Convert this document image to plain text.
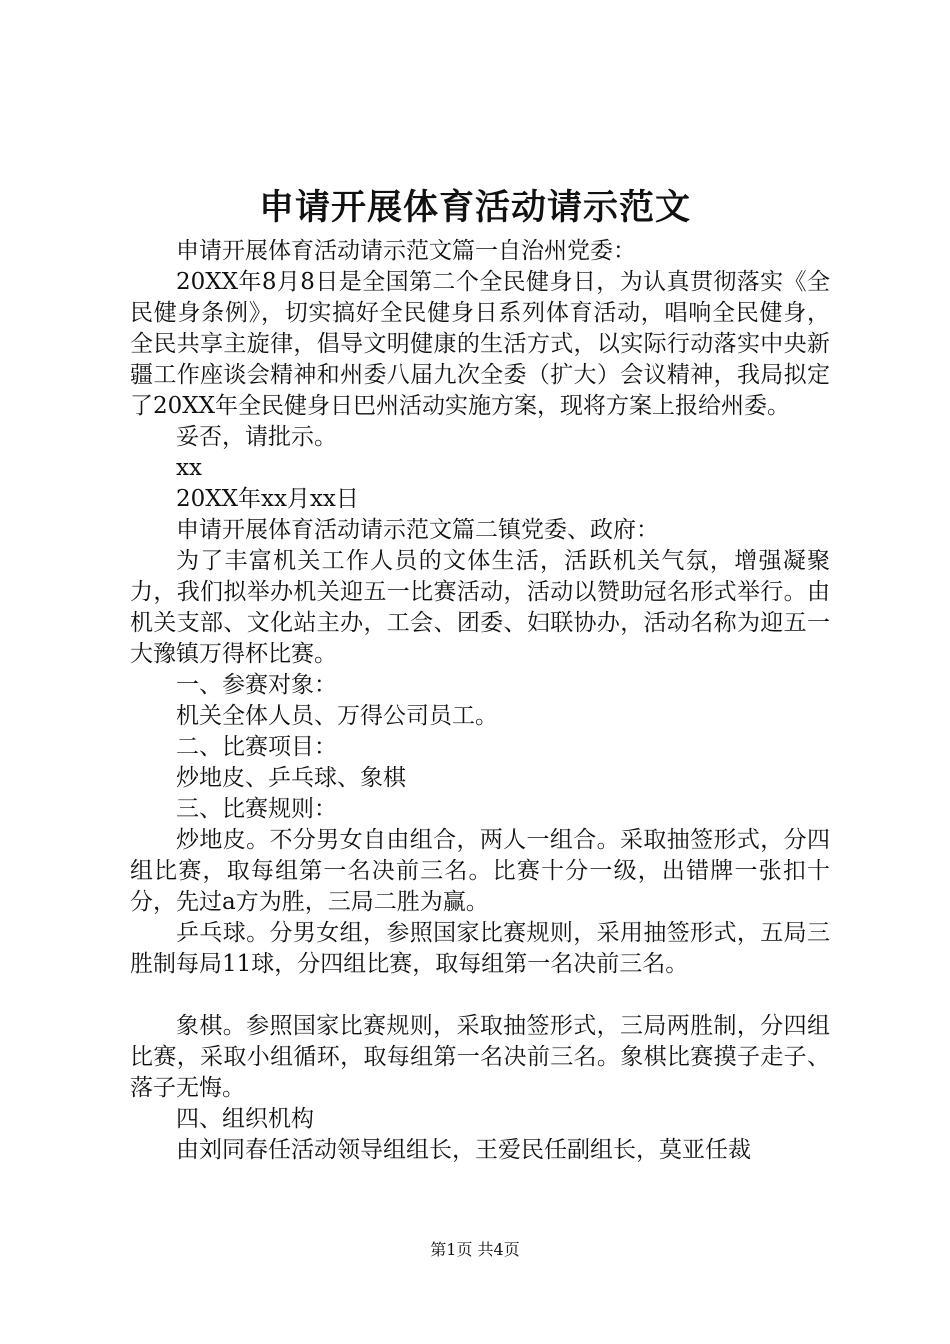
申请开展体育活动请示范文

申请开展体育活动请示范文篇一自治州党委：

20XX年8月8日是全国第二个全民健身日，为认真贯彻落实《全民健身条例》，切实搞好全民健身日系列体育活动，唱响全民健身，全民共享主旋律，倡导文明健康的生活方式，以实际行动落实中央新疆工作座谈会精神和州委八届九次全委（扩大）会议精神，我局拟定了20XX年全民健身日巴州活动实施方案，现将方案上报给州委。

妥否，请批示。

xx

20XX年xx月xx日

申请开展体育活动请示范文篇二镇党委、政府：

为了丰富机关工作人员的文体生活，活跃机关气氛，增强凝聚力，我们拟举办机关迎五一比赛活动，活动以赞助冠名形式举行。由机关支部、文化站主办，工会、团委、妇联协办，活动名称为迎五一大豫镇万得杯比赛。

一、参赛对象：

机关全体人员、万得公司员工。

二、比赛项目：

炒地皮、乒乓球、象棋

三、比赛规则：

炒地皮。不分男女自由组合，两人一组合。采取抽签形式，分四组比赛，取每组第一名决前三名。比赛十分一级，出错牌一张扣十分，先过a方为胜，三局二胜为赢。

乒乓球。分男女组，参照国家比赛规则，采用抽签形式，五局三胜制每局11球，分四组比赛，取每组第一名决前三名。

象棋。参照国家比赛规则，采取抽签形式，三局两胜制，分四组比赛，采取小组循环，取每组第一名决前三名。象棋比赛摸子走子、落子无悔。

四、组织机构

由刘同春任活动领导组组长，王爱民任副组长，莫亚任裁

第1页 共4页
